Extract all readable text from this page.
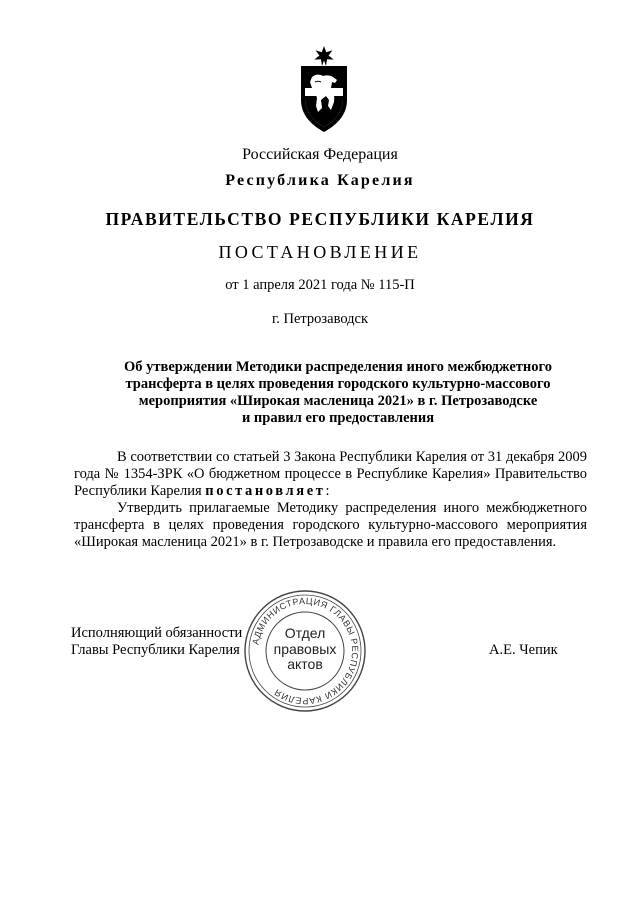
Российская Федерация
Республика Карелия
ПРАВИТЕЛЬСТВО РЕСПУБЛИКИ КАРЕЛИЯ
ПОСТАНОВЛЕНИЕ
от 1 апреля 2021 года № 115-П
г. Петрозаводск
Об утверждении Методики распределения иного межбюджетного
трансферта в целях проведения городского культурно-массового
мероприятия «Широкая масленица 2021» в г. Петрозаводске
и правил его предоставления

В соответствии со статьей 3 Закона Республики Карелия от 31 декабря 2009 года № 1354-ЗРК «О бюджетном процессе в Республике Карелия» Правительство Республики Карелия постановляет:

Утвердить прилагаемые Методику распределения иного межбюджетного трансферта в целях проведения городского культурно-массового мероприятия «Широкая масленица 2021» в г. Петрозаводске и правила его предоставления.

Исполняющий обязанности
Главы Республики Карелия	А.Е. Чепик
АДМИНИСТРАЦИЯ ГЛАВЫ РЕСПУБЛИКИ КАРЕЛИЯ
Отдел
правовых
актов
